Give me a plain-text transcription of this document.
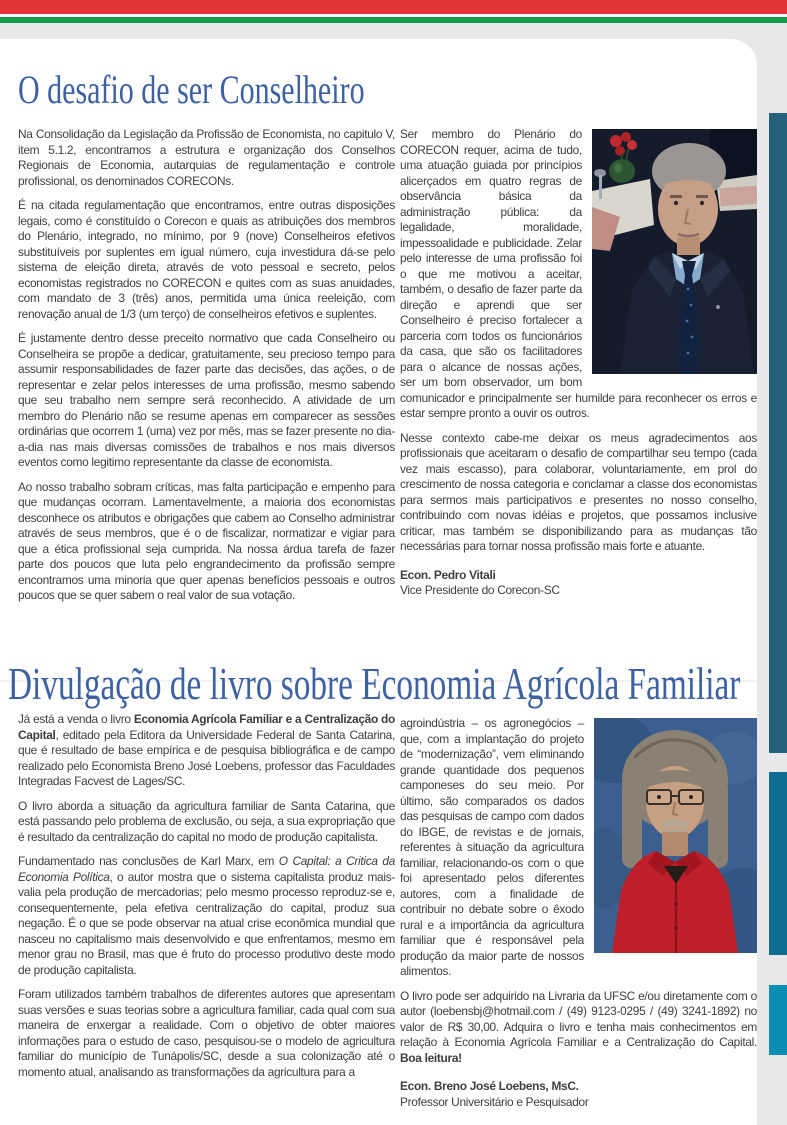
O desafio de ser Conselheiro

Na Consolidação da Legislação da Profissão de Economista, no capitulo V, item 5.1.2, encontramos a estrutura e organização dos Conselhos Regionais de Economia, autarquias de regulamentação e controle profissional, os denominados CORECONs.

É na citada regulamentação que encontramos, entre outras disposições legais, como é constituído o Corecon e quais as atribuições dos membros do Plenário, integrado, no mínimo, por 9 (nove) Conselheiros efetivos substituíveis por suplentes em igual número, cuja investidura dá-se pelo sistema de eleição direta, através de voto pessoal e secreto, pelos economistas registrados no CORECON e quites com as suas anuidades, com mandato de 3 (três) anos, permitida uma única reeleição, com renovação anual de 1/3 (um terço) de conselheiros efetivos e suplentes.

É justamente dentro desse preceito normativo que cada Conselheiro ou Conselheira se propõe a dedicar, gratuitamente, seu precioso tempo para assumir responsabilidades de fazer parte das decisões, das ações, o de representar e zelar pelos interesses de uma profissão, mesmo sabendo que seu trabalho nem sempre será reconhecido. A atividade de um membro do Plenário não se resume apenas em comparecer as sessões ordinárias que ocorrem 1 (uma) vez por mês, mas se fazer presente no dia-a-dia nas mais diversas comissões de trabalhos e nos mais diversos eventos como legitimo representante da classe de economista.

Ao nosso trabalho sobram críticas, mas falta participação e empenho para que mudanças ocorram. Lamentavelmente, a maioria dos economistas desconhece os atributos e obrigações que cabem ao Conselho administrar através de seus membros, que é o de fiscalizar, normatizar e vigiar para que a ética profissional seja cumprida. Na nossa árdua tarefa de fazer parte dos poucos que luta pelo engrandecimento da profissão sempre encontramos uma minoria que quer apenas benefícios pessoais e outros poucos que se quer sabem o real valor de sua votação.

Ser membro do Plenário do CORECON requer, acima de tudo, uma atuação guiada por princípios alicerçados em quatro regras de observância básica da administração pública: da legalidade, moralidade, impessoalidade e publicidade. Zelar pelo interesse de uma profissão foi o que me motivou a aceitar, também, o desafio de fazer parte da direção e aprendi que ser Conselheiro é preciso fortalecer a parceria com todos os funcionários da casa, que são os facilitadores para o alcance de nossas ações, ser um bom observador, um bom comunicador e principalmente ser humilde para reconhecer os erros e estar sempre pronto a ouvir os outros.

Nesse contexto cabe-me deixar os meus agradecimentos aos profissionais que aceitaram o desafio de compartilhar seu tempo (cada vez mais escasso), para colaborar, voluntariamente, em prol do crescimento de nossa categoria e conclamar a classe dos economistas para sermos mais participativos e presentes no nosso conselho, contribuindo com novas idéias e projetos, que possamos inclusive criticar, mas também se disponibilizando para as mudanças tão necessárias para tornar nossa profissão mais forte e atuante.

Econ. Pedro Vitali
Vice Presidente do Corecon-SC
Divulgação de livro sobre Economia Agrícola Familiar

Já está a venda o livro Economia Agrícola Familiar e a Centralização do Capital, editado pela Editora da Universidade Federal de Santa Catarina, que é resultado de base empírica e de pesquisa bibliográfica e de campo realizado pelo Economista Breno José Loebens, professor das Faculdades Integradas Facvest de Lages/SC.

O livro aborda a situação da agricultura familiar de Santa Catarina, que está passando pelo problema de exclusão, ou seja, a sua expropriação que é resultado da centralização do capital no modo de produção capitalista.

Fundamentado nas conclusões de Karl Marx, em O Capital: a Critica da Economia Política, o autor mostra que o sistema capitalista produz mais-valia pela produção de mercadorias; pelo mesmo processo reproduz-se e, consequentemente, pela efetiva centralização do capital, produz sua negação. É o que se pode observar na atual crise econômica mundial que nasceu no capitalismo mais desenvolvido e que enfrentamos, mesmo em menor grau no Brasil, mas que é fruto do processo produtivo deste modo de produção capitalista.

Foram utilizados também trabalhos de diferentes autores que apresentam suas versões e suas teorias sobre a agricultura familiar, cada qual com sua maneira de enxergar a realidade. Com o objetivo de obter maiores informações para o estudo de caso, pesquisou-se o modelo de agricultura familiar do município de Tunápolis/SC, desde a sua colonização até o momento atual, analisando as transformações da agricultura para a

agroindústria – os agronegócios – que, com a implantação do projeto de “modernização”, vem eliminando grande quantidade dos pequenos camponeses do seu meio. Por último, são comparados os dados das pesquisas de campo com dados do IBGE, de revistas e de jornais, referentes à situação da agricultura familiar, relacionando-os com o que foi apresentado pelos diferentes autores, com a finalidade de contribuir no debate sobre o êxodo rural e a importância da agricultura familiar que é responsável pela produção da maior parte de nossos alimentos.

O livro pode ser adquirido na Livraria da UFSC e/ou diretamente com o autor (loebensbj@hotmail.com / (49) 9123-0295 / (49) 3241-1892) no valor de R$ 30,00. Adquira o livro e tenha mais conhecimentos em relação à Economia Agrícola Familiar e a Centralização do Capital. Boa leitura!

Econ. Breno José Loebens, MsC.
Professor Universitário e Pesquisador
